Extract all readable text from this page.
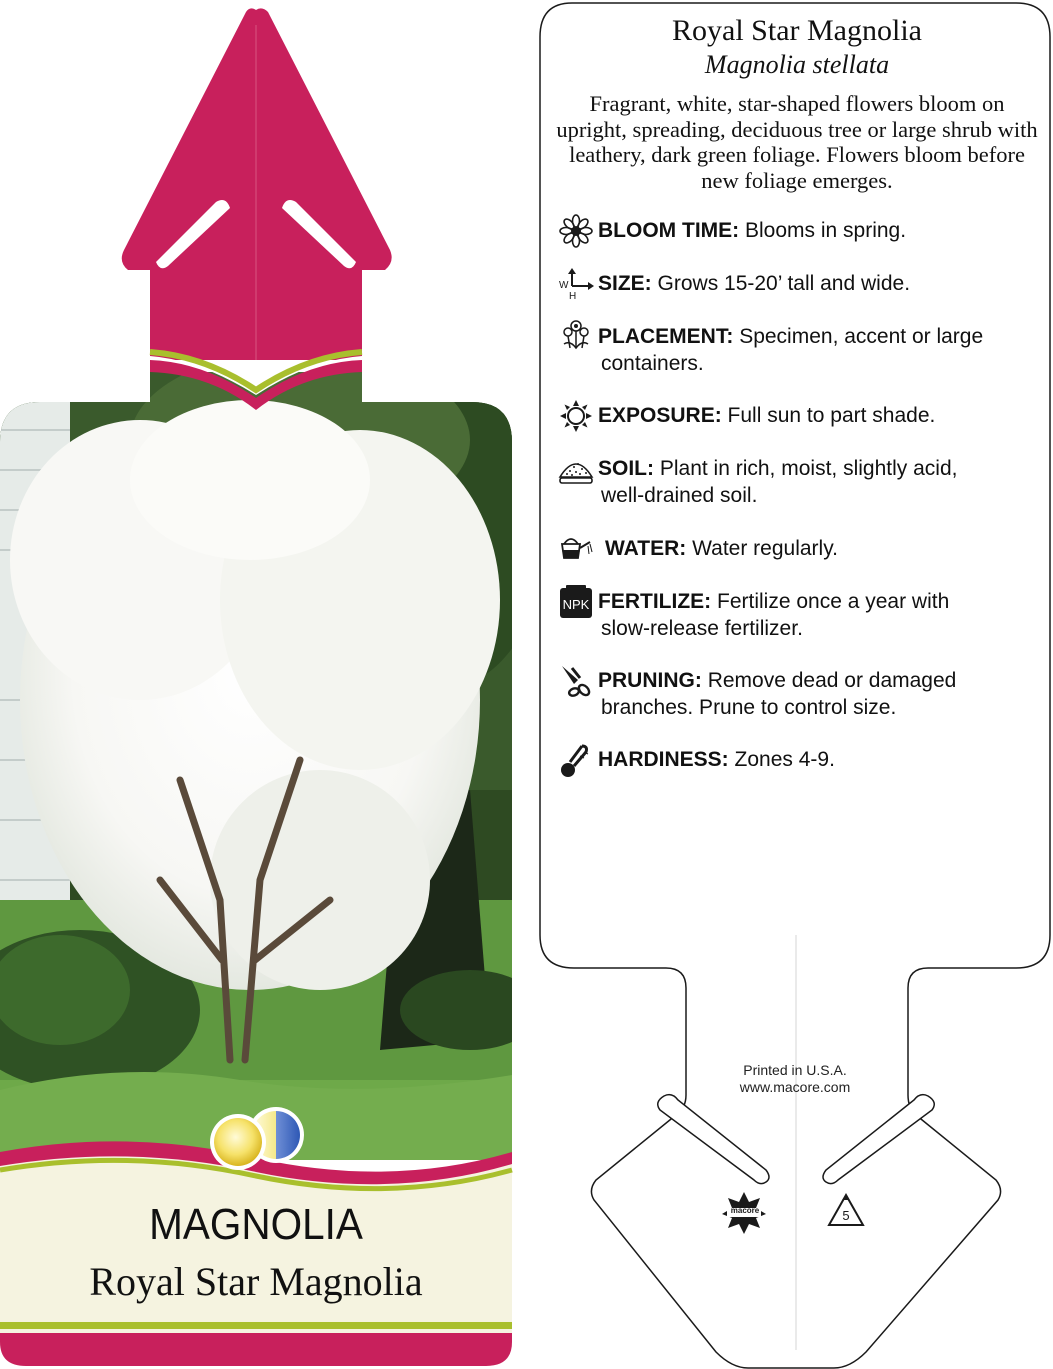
MAGNOLIA
Royal Star Magnolia
Royal Star Magnolia
Magnolia stellata
Fragrant, white, star-shaped flowers bloom on upright, spreading, deciduous tree or large shrub with leathery, dark green foliage. Flowers bloom before new foliage emerges.
W
H
NPK
BLOOM TIME: Blooms in spring.
SIZE: Grows 15-20’ tall and wide.
PLACEMENT: Specimen, accent or large
containers.
EXPOSURE: Full sun to part shade.
SOIL: Plant in rich, moist, slightly acid,
well-drained soil.
WATER: Water regularly.
FERTILIZE: Fertilize once a year with
slow-release fertilizer.
PRUNING: Remove dead or damaged
branches. Prune to control size.
HARDINESS: Zones 4-9.
Printed in U.S.A.
www.macore.com
macore	5
